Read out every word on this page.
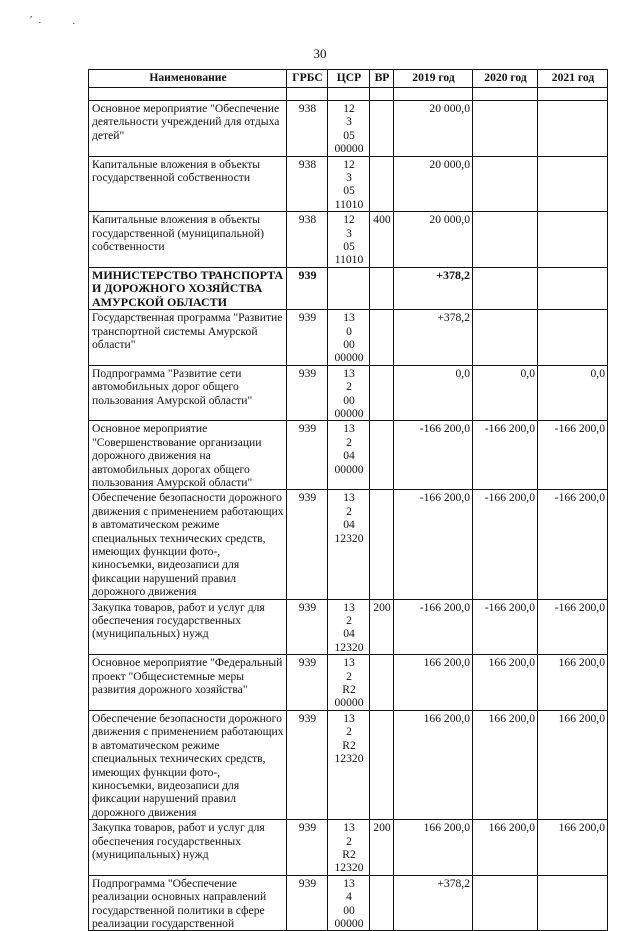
′ ˙	·
30
Наименование	ГРБС	ЦСР	ВР	2019 год	2020 год	2021 год

Основное мероприятие "Обеспечение деятельности учреждений для отдыха детей"	938	12 3 05 00000		20 000,0		
Капитальные вложения в объекты государственной собственности	938	12 3 05 11010		20 000,0		
Капитальные вложения в объекты государственной (муниципальной) собственности	938	12 3 05 11010	400	20 000,0		
МИНИСТЕРСТВО ТРАНСПОРТА И ДОРОЖНОГО ХОЗЯЙСТВА АМУРСКОЙ ОБЛАСТИ	939			+378,2		
Государственная программа "Развитие транспортной системы Амурской области"	939	13 0 00 00000		+378,2		
Подпрограмма "Развитие сети автомобильных дорог общего пользования Амурской области"	939	13 2 00 00000		0,0	0,0	0,0
Основное мероприятие "Совершенствование организации дорожного движения на автомобильных дорогах общего пользования Амурской области"	939	13 2 04 00000		-166 200,0	-166 200,0	-166 200,0
Обеспечение безопасности дорожного движения с применением работающих в автоматическом режиме специальных технических средств, имеющих функции фото-, киносъемки, видеозаписи для фиксации нарушений правил дорожного движения	939	13 2 04 12320		-166 200,0	-166 200,0	-166 200,0
Закупка товаров, работ и услуг для обеспечения государственных (муниципальных) нужд	939	13 2 04 12320	200	-166 200,0	-166 200,0	-166 200,0
Основное мероприятие "Федеральный проект "Общесистемные меры развития дорожного хозяйства"	939	13 2 R2 00000		166 200,0	166 200,0	166 200,0
Обеспечение безопасности дорожного движения с применением работающих в автоматическом режиме специальных технических средств, имеющих функции фото-, киносъемки, видеозаписи для фиксации нарушений правил дорожного движения	939	13 2 R2 12320		166 200,0	166 200,0	166 200,0
Закупка товаров, работ и услуг для обеспечения государственных (муниципальных) нужд	939	13 2 R2 12320	200	166 200,0	166 200,0	166 200,0
Подпрограмма "Обеспечение реализации основных направлений государственной политики в сфере реализации государственной	939	13 4 00 00000		+378,2		
